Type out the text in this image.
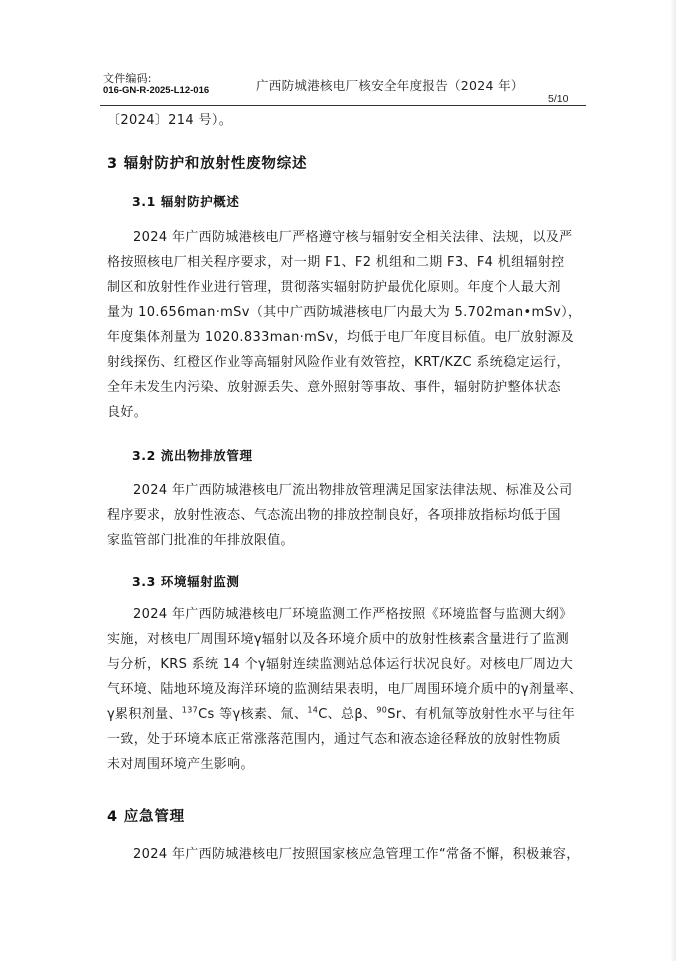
文件编码:
016-GN-R-2025-L12-016	广西防城港核电厂核安全年度报告（2024 年）
5/10
〔2024〕214 号）。
3 辐射防护和放射性废物综述
3.1 辐射防护概述
2024 年广西防城港核电厂严格遵守核与辐射安全相关法律、法规，以及严
格按照核电厂相关程序要求，对一期 F1、F2 机组和二期 F3、F4 机组辐射控
制区和放射性作业进行管理，贯彻落实辐射防护最优化原则。年度个人最大剂
量为 10.656man·mSv（其中广西防城港核电厂内最大为 5.702man•mSv），
年度集体剂量为 1020.833man·mSv，均低于电厂年度目标值。电厂放射源及
射线探伤、红橙区作业等高辐射风险作业有效管控，KRT/KZC 系统稳定运行，
全年未发生内污染、放射源丢失、意外照射等事故、事件，辐射防护整体状态
良好。
3.2 流出物排放管理
2024 年广西防城港核电厂流出物排放管理满足国家法律法规、标准及公司
程序要求，放射性液态、气态流出物的排放控制良好，各项排放指标均低于国
家监管部门批准的年排放限值。
3.3 环境辐射监测
2024 年广西防城港核电厂环境监测工作严格按照《环境监督与监测大纲》
实施，对核电厂周围环境γ辐射以及各环境介质中的放射性核素含量进行了监测
与分析，KRS 系统 14 个γ辐射连续监测站总体运行状况良好。对核电厂周边大
气环境、陆地环境及海洋环境的监测结果表明，电厂周围环境介质中的γ剂量率、
γ累积剂量、$^{137}$Cs 等γ核素、氚、$^{14}$C、总β、$^{90}$Sr、有机氚等放射性水平与往年
一致，处于环境本底正常涨落范围内，通过气态和液态途径释放的放射性物质
未对周围环境产生影响。
4 应急管理
2024 年广西防城港核电厂按照国家核应急管理工作“常备不懈，积极兼容，
